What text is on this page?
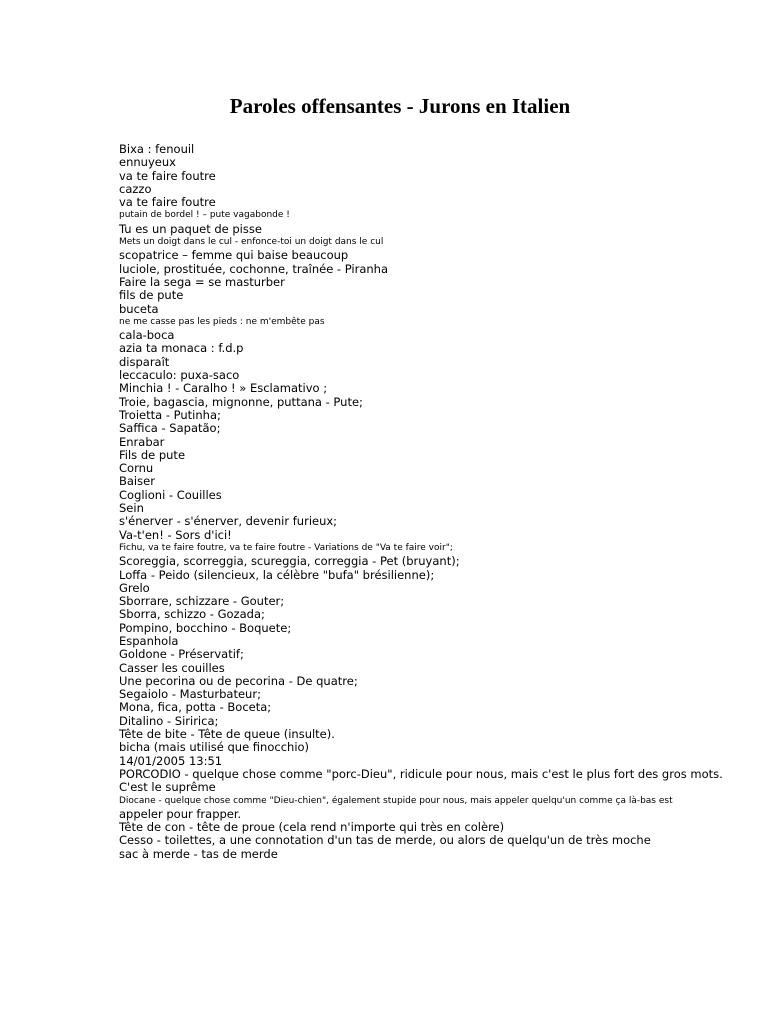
Paroles offensantes - Jurons en Italien
Bixa : fenouil
ennuyeux
va te faire foutre
cazzo
va te faire foutre
putain de bordel ! – pute vagabonde !
Tu es un paquet de pisse
Mets un doigt dans le cul - enfonce-toi un doigt dans le cul
scopatrice – femme qui baise beaucoup
luciole, prostituée, cochonne, traînée - Piranha
Faire la sega = se masturber
fils de pute
buceta
ne me casse pas les pieds : ne m'embête pas
cala-boca
azia ta monaca : f.d.p
disparaît
leccaculo: puxa-saco
Minchia ! - Caralho ! » Esclamativo ;
Troie, bagascia, mignonne, puttana - Pute;
Troietta - Putinha;
Saffica - Sapatão;
Enrabar
Fils de pute
Cornu
Baiser
Coglioni - Couilles
Sein
s'énerver - s'énerver, devenir furieux;
Va-t'en! - Sors d'ici!
Fichu, va te faire foutre, va te faire foutre - Variations de "Va te faire voir";
Scoreggia, scorreggia, scureggia, correggia - Pet (bruyant);
Loffa - Peido (silencieux, la célèbre "bufa" brésilienne);
Grelo
Sborrare, schizzare - Gouter;
Sborra, schizzo - Gozada;
Pompino, bocchino - Boquete;
Espanhola
Goldone - Préservatif;
Casser les couilles
Une pecorina ou de pecorina - De quatre;
Segaiolo - Masturbateur;
Mona, fica, potta - Boceta;
Ditalino - Siririca;
Tête de bite - Tête de queue (insulte).
bicha (mais utilisé que finocchio)
14/01/2005 13:51
PORCODIO - quelque chose comme "porc-Dieu", ridicule pour nous, mais c'est le plus fort des gros mots.
C'est le suprême
Diocane - quelque chose comme "Dieu-chien", également stupide pour nous, mais appeler quelqu'un comme ça là-bas est
appeler pour frapper.
Tête de con - tête de proue (cela rend n'importe qui très en colère)
Cesso - toilettes, a une connotation d'un tas de merde, ou alors de quelqu'un de très moche
sac à merde - tas de merde
